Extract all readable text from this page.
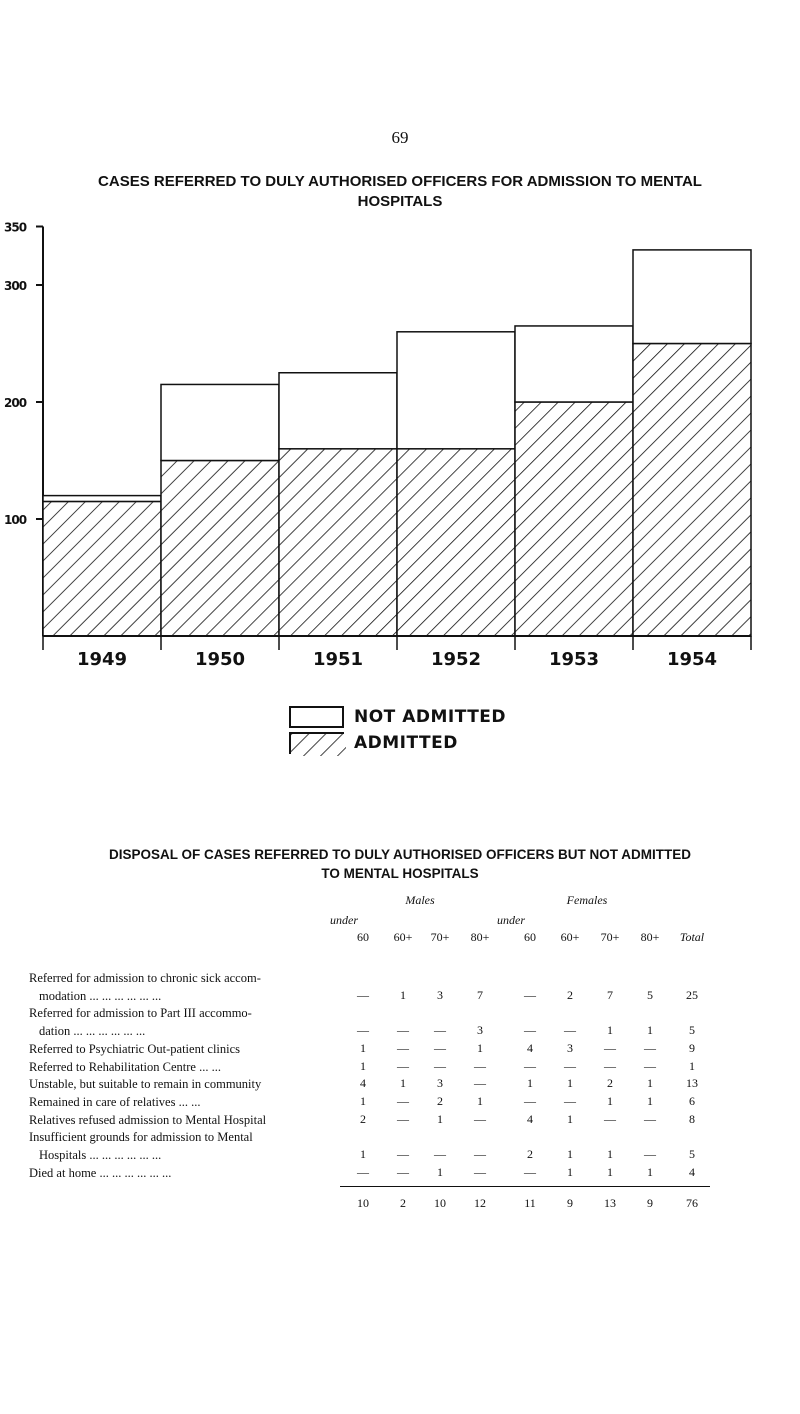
69
CASES REFERRED TO DULY AUTHORISED OFFICERS FOR ADMISSION TO MENTAL
HOSPITALS
100
200
300
350
1949	1950	1951	1952	1953	1954
NOT ADMITTED
ADMITTED
DISPOSAL OF CASES REFERRED TO DULY AUTHORISED OFFICERS BUT NOT ADMITTED
TO MENTAL HOSPITALS
Males	Females
under	under
60	60+	70+	80+	60	60+	70+	80+	Total
Referred for admission to chronic sick accom-
modation ... ... ... ... ... ...	—	1	3	7	—	2	7	5	25
Referred for admission to Part III accommo-
dation ... ... ... ... ... ...	—	—	—	3	—	—	1	1	5
Referred to Psychiatric Out-patient clinics	1	—	—	1	4	3	—	—	9
Referred to Rehabilitation Centre ... ...	1	—	—	—	—	—	—	—	1
Unstable, but suitable to remain in community	4	1	3	—	1	1	2	1	13
Remained in care of relatives ... ...	1	—	2	1	—	—	1	1	6
Relatives refused admission to Mental Hospital	2	—	1	—	4	1	—	—	8
Insufficient grounds for admission to Mental
Hospitals ... ... ... ... ... ...	1	—	—	—	2	1	1	—	5
Died at home ... ... ... ... ... ...	—	—	1	—	—	1	1	1	4
10	2	10	12	11	9	13	9	76
